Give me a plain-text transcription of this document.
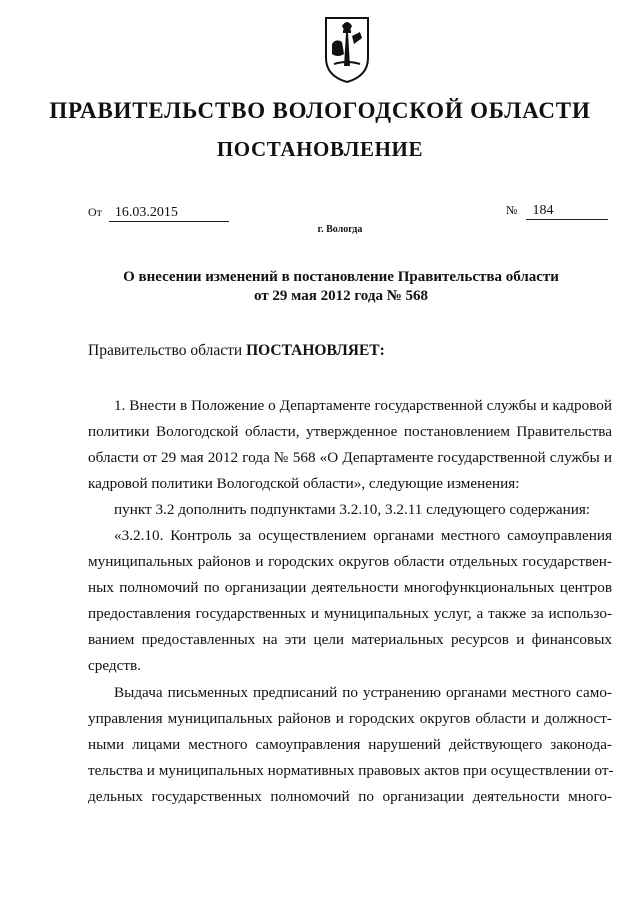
ПРАВИТЕЛЬСТВО ВОЛОГОДСКОЙ ОБЛАСТИ
ПОСТАНОВЛЕНИЕ
От 16.03.2015	№ 184
г. Вологда
О внесении изменений в постановление Правительства области
от 29 мая 2012 года № 568
Правительство области ПОСТАНОВЛЯЕТ:
1. Внести в Положение о Департаменте государственной службы и кадровой
политики Вологодской области, утвержденное постановлением Правительства
области от 29 мая 2012 года № 568 «О Департаменте государственной службы и
кадровой политики Вологодской области», следующие изменения:
пункт 3.2 дополнить подпунктами 3.2.10, 3.2.11 следующего содержания:
«3.2.10. Контроль за осуществлением органами местного самоуправления
муниципальных районов и городских округов области отдельных государствен-
ных полномочий по организации деятельности многофункциональных центров
предоставления государственных и муниципальных услуг, а также за использо-
ванием предоставленных на эти цели материальных ресурсов и финансовых
средств.
Выдача письменных предписаний по устранению органами местного само-
управления муниципальных районов и городских округов области и должност-
ными лицами местного самоуправления нарушений действующего законода-
тельства и муниципальных нормативных правовых актов при осуществлении от-
дельных государственных полномочий по организации деятельности много-
